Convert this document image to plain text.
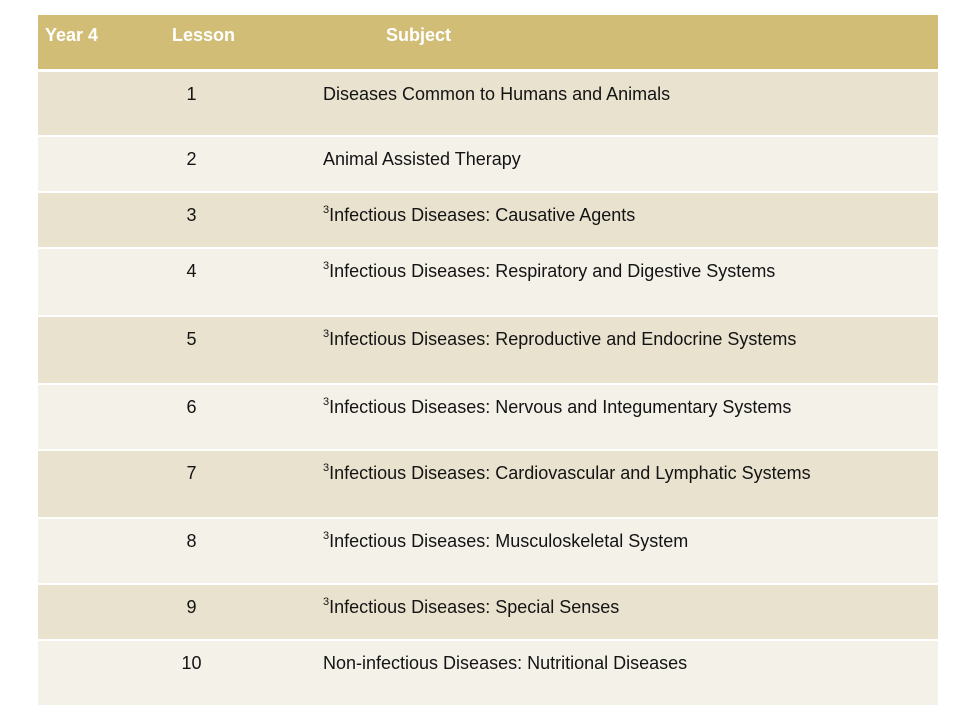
Year 4	Lesson	Subject
	1	Diseases Common to Humans and Animals
	2	Animal Assisted Therapy
	3	$^3$Infectious Diseases: Causative Agents
	4	$^3$Infectious Diseases: Respiratory and Digestive Systems
	5	$^3$Infectious Diseases: Reproductive and Endocrine Systems
	6	$^3$Infectious Diseases: Nervous and Integumentary Systems
	7	$^3$Infectious Diseases: Cardiovascular and Lymphatic Systems
	8	$^3$Infectious Diseases: Musculoskeletal System
	9	$^3$Infectious Diseases: Special Senses
	10	Non-infectious Diseases: Nutritional Diseases
